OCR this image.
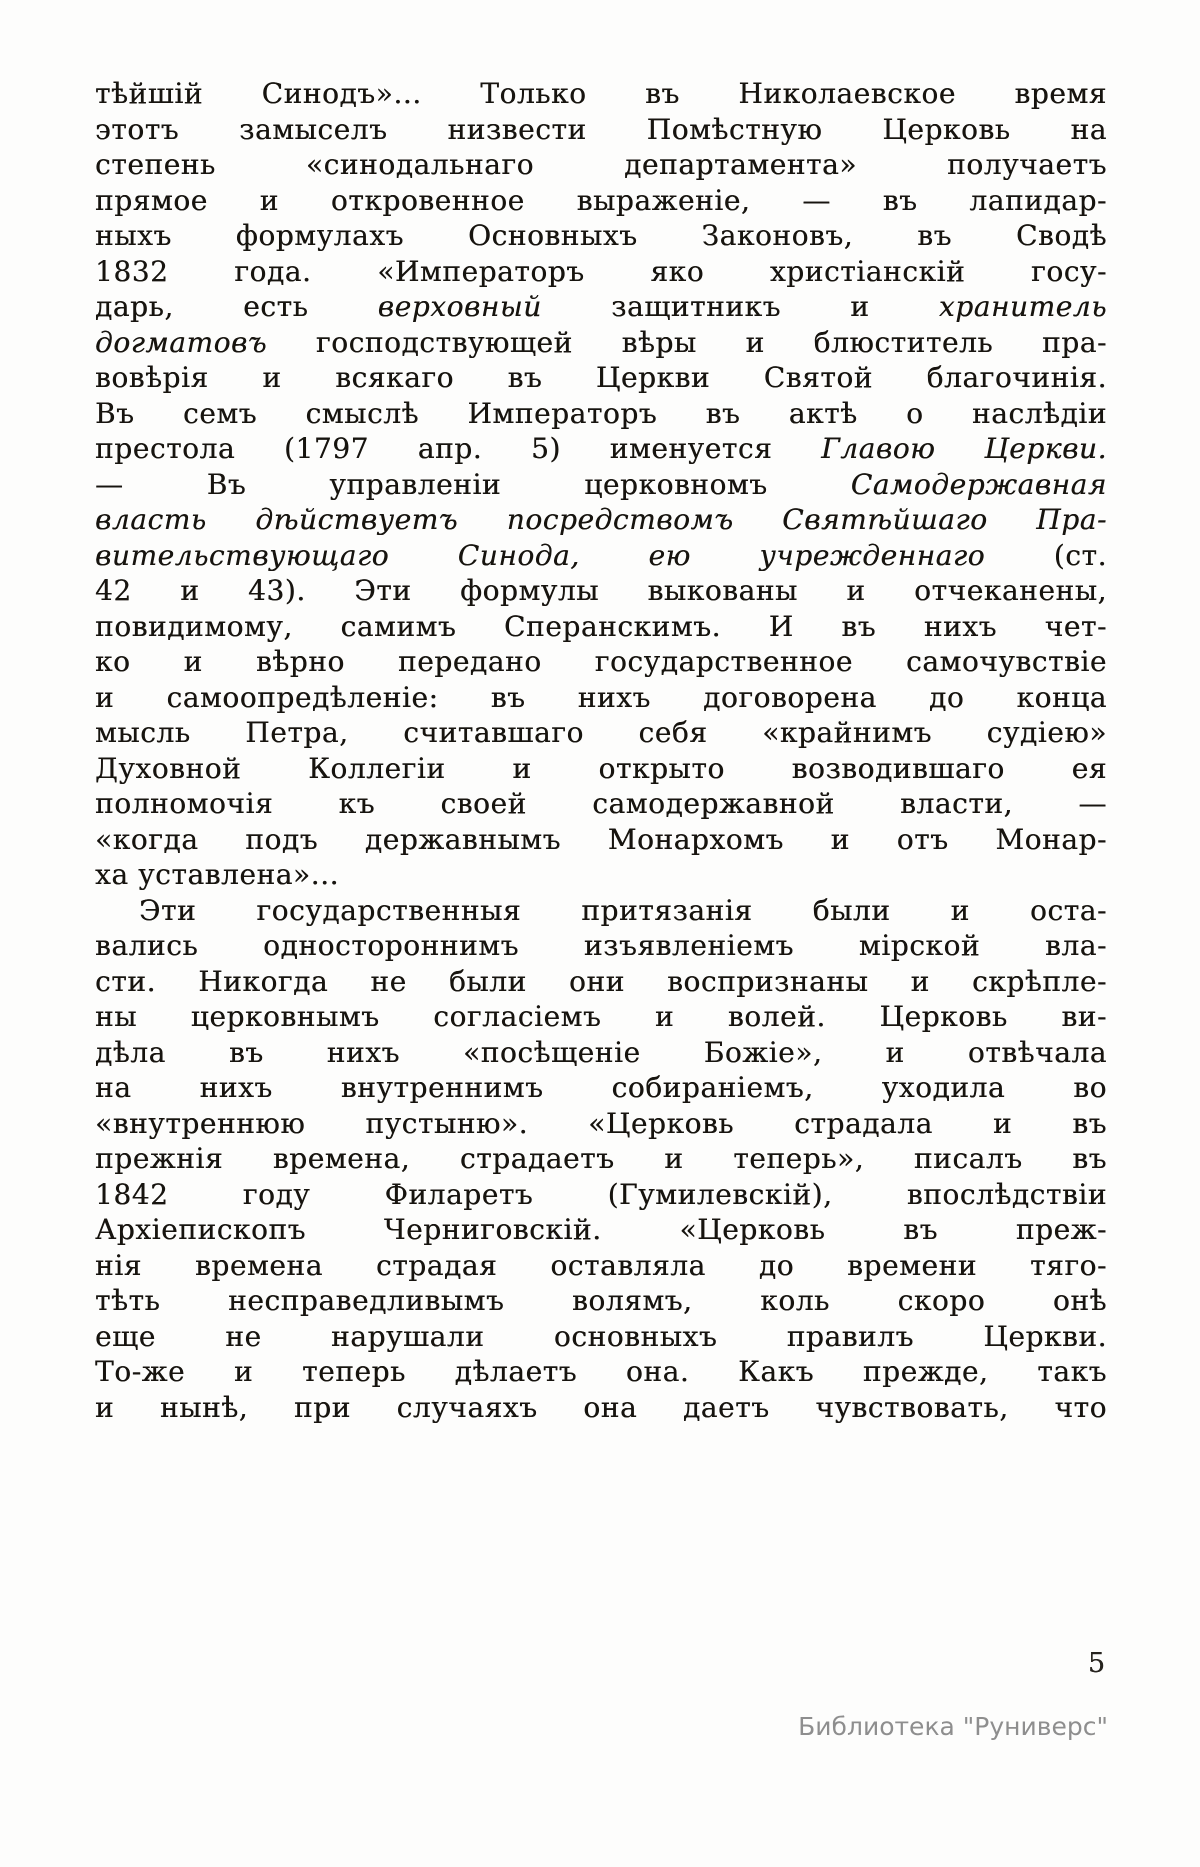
тѣйшій Синодъ»... Только въ Николаевское время
этотъ замыселъ низвести Помѣстную Церковь на
степень «синодальнаго департамента» получаетъ
прямое и откровенное выраженіе, — въ лапидар-
ныхъ формулахъ Основныхъ Законовъ, въ Сводѣ
1832 года. «Императоръ яко христіанскій госу-
дарь, есть верховный защитникъ и хранитель
догматовъ господствующей вѣры и блюститель пра-
вовѣрія и всякаго въ Церкви Святой благочинія.
Въ семъ смыслѣ Императоръ въ актѣ о наслѣдіи
престола (1797 апр. 5) именуется Главою Церкви.
— Въ управленіи церковномъ Самодержавная
власть дѣйствуетъ посредствомъ Святѣйшаго Пра-
вительствующаго Синода, ею учрежденнаго (ст.
42 и 43). Эти формулы выкованы и отчеканены,
повидимому, самимъ Сперанскимъ. И въ нихъ чет-
ко и вѣрно передано государственное самочувствіе
и самоопредѣленіе: въ нихъ договорена до конца
мысль Петра, считавшаго себя «крайнимъ судіею»
Духовной Коллегіи и открыто возводившаго ея
полномочія къ своей самодержавной власти, —
«когда подъ державнымъ Монархомъ и отъ Монар-
ха уставлена»...
Эти государственныя притязанія были и оста-
вались одностороннимъ изъявленіемъ мірской вла-
сти. Никогда не были они воспризнаны и скрѣпле-
ны церковнымъ согласіемъ и волей. Церковь ви-
дѣла въ нихъ «посѣщеніе Божіе», и отвѣчала
на нихъ внутреннимъ собираніемъ, уходила во
«внутреннюю пустыню». «Церковь страдала и въ
прежнія времена, страдаетъ и теперь», писалъ въ
1842 году Филаретъ (Гумилевскій), впослѣдствіи
Архіепископъ Черниговскій. «Церковь въ преж-
нія времена страдая оставляла до времени тяго-
тѣть несправедливымъ волямъ, коль скоро онѣ
еще не нарушали основныхъ правилъ Церкви.
То-же и теперь дѣлаетъ она. Какъ прежде, такъ
и нынѣ, при случаяхъ она даетъ чувствовать, что
5
Библиотека "Руниверс"
